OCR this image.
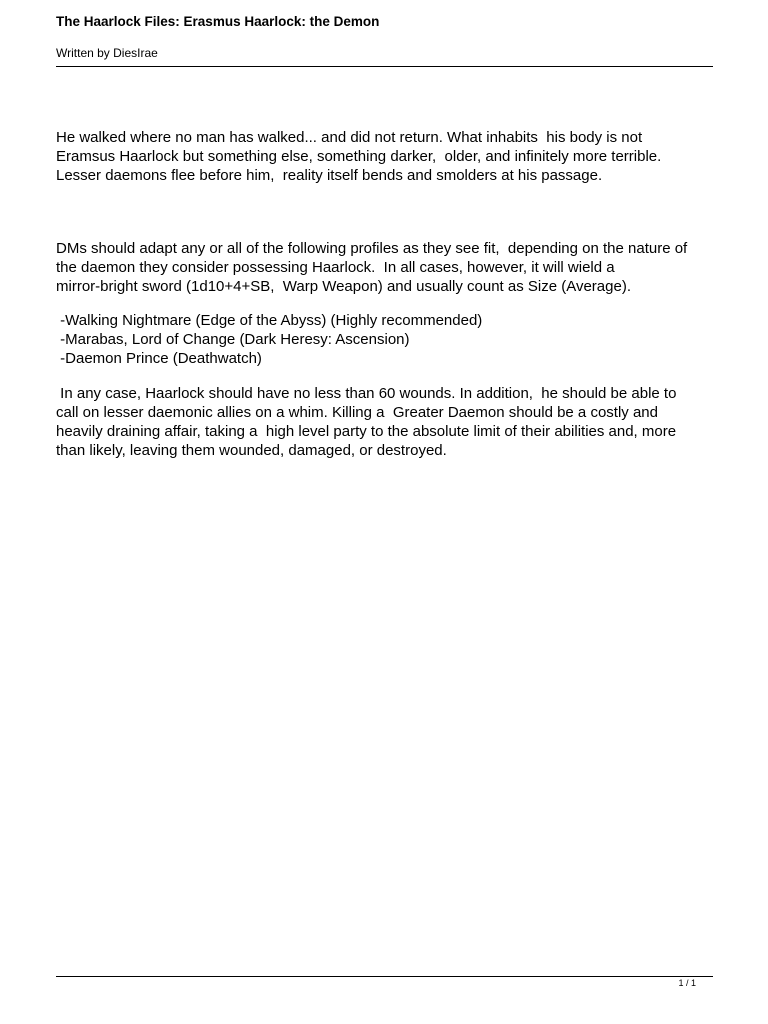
The Haarlock Files: Erasmus Haarlock: the Demon
Written by DiesIrae

He walked where no man has walked... and did not return. What inhabits  his body is not

Eramsus Haarlock but something else, something darker,  older, and infinitely more terrible.

Lesser daemons flee before him,  reality itself bends and smolders at his passage.

DMs should adapt any or all of the following profiles as they see fit,  depending on the nature of

the daemon they consider possessing Haarlock.  In all cases, however, it will wield a

mirror-bright sword (1d10+4+SB,  Warp Weapon) and usually count as Size (Average).

-Walking Nightmare (Edge of the Abyss) (Highly recommended)

-Marabas, Lord of Change (Dark Heresy: Ascension)

-Daemon Prince (Deathwatch)

In any case, Haarlock should have no less than 60 wounds. In addition,  he should be able to

call on lesser daemonic allies on a whim. Killing a  Greater Daemon should be a costly and

heavily draining affair, taking a  high level party to the absolute limit of their abilities and, more

than likely, leaving them wounded, damaged, or destroyed.

1 / 1
